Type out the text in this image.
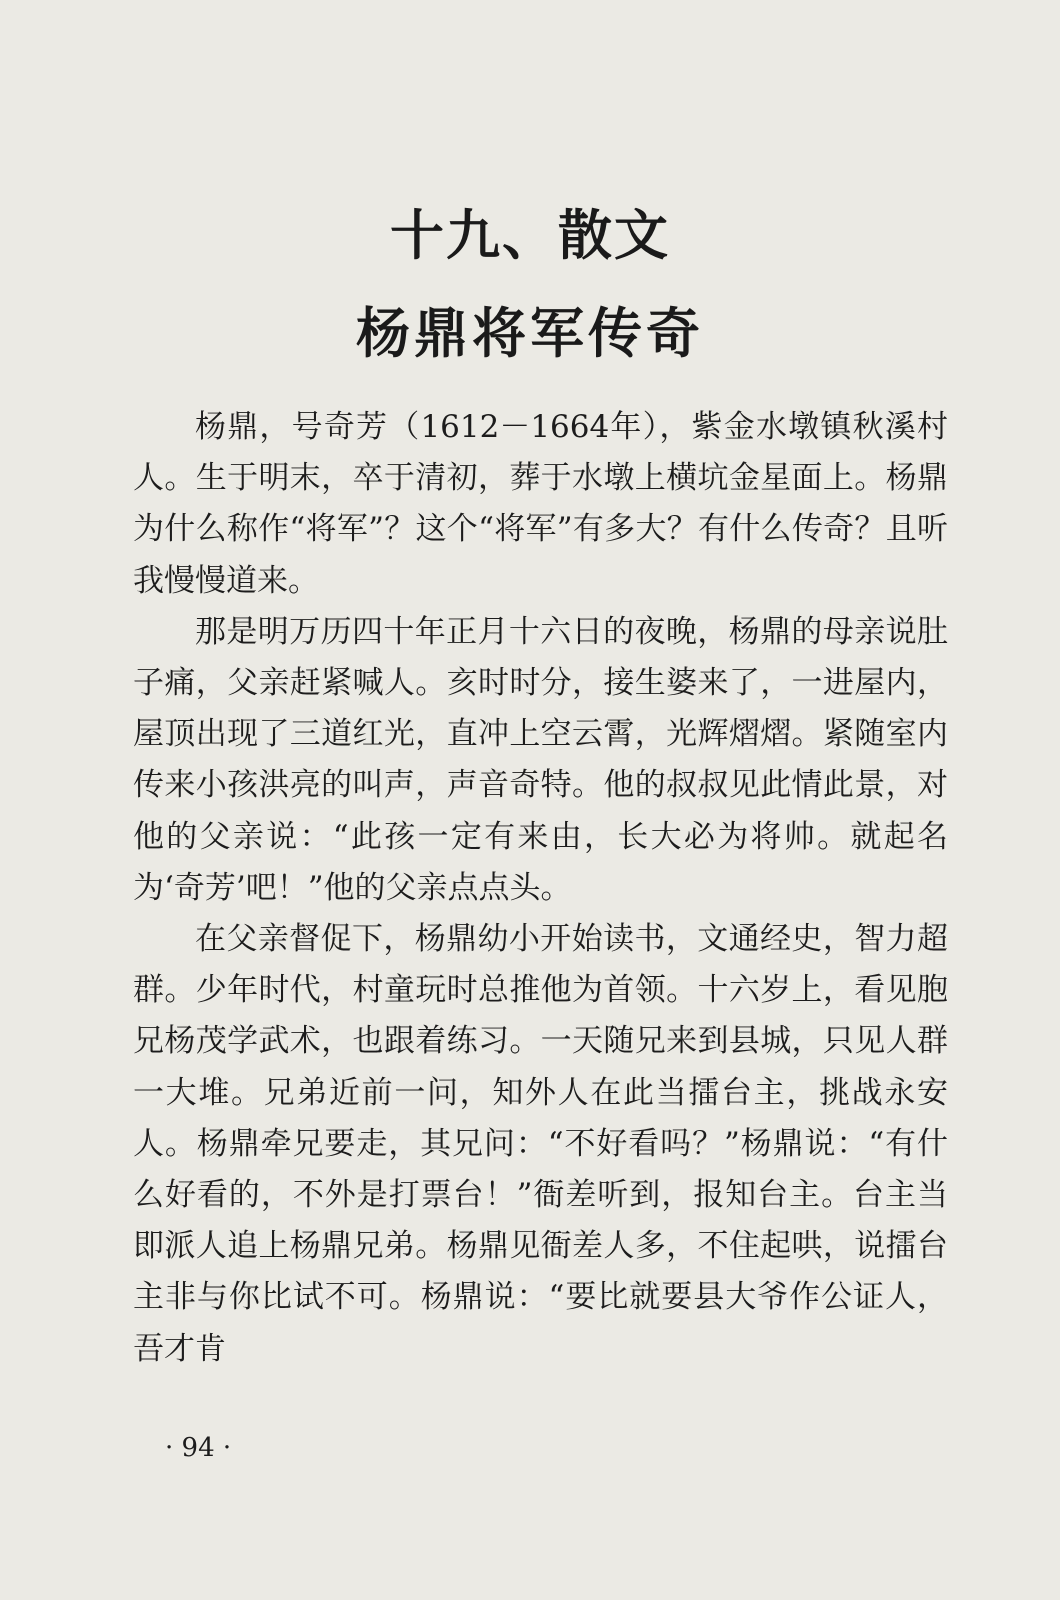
十九、散文
杨鼎将军传奇

杨鼎，号奇芳（1612－1664年），紫金水墩镇秋溪村人。生于明末，卒于清初，葬于水墩上横坑金星面上。杨鼎为什么称作“将军”？这个“将军”有多大？有什么传奇？且听我慢慢道来。

那是明万历四十年正月十六日的夜晚，杨鼎的母亲说肚子痛，父亲赶紧喊人。亥时时分，接生婆来了，一进屋内，屋顶出现了三道红光，直冲上空云霄，光辉熠熠。紧随室内传来小孩洪亮的叫声，声音奇特。他的叔叔见此情此景，对他的父亲说：“此孩一定有来由，长大必为将帅。就起名为‘奇芳’吧！”他的父亲点点头。

在父亲督促下，杨鼎幼小开始读书，文通经史，智力超群。少年时代，村童玩时总推他为首领。十六岁上，看见胞兄杨茂学武术，也跟着练习。一天随兄来到县城，只见人群一大堆。兄弟近前一问，知外人在此当擂台主，挑战永安人。杨鼎牵兄要走，其兄问：“不好看吗？”杨鼎说：“有什么好看的，不外是打票台！”衙差听到，报知台主。台主当即派人追上杨鼎兄弟。杨鼎见衙差人多，不住起哄，说擂台主非与你比试不可。杨鼎说：“要比就要县大爷作公证人，吾才肯

· 94 ·
